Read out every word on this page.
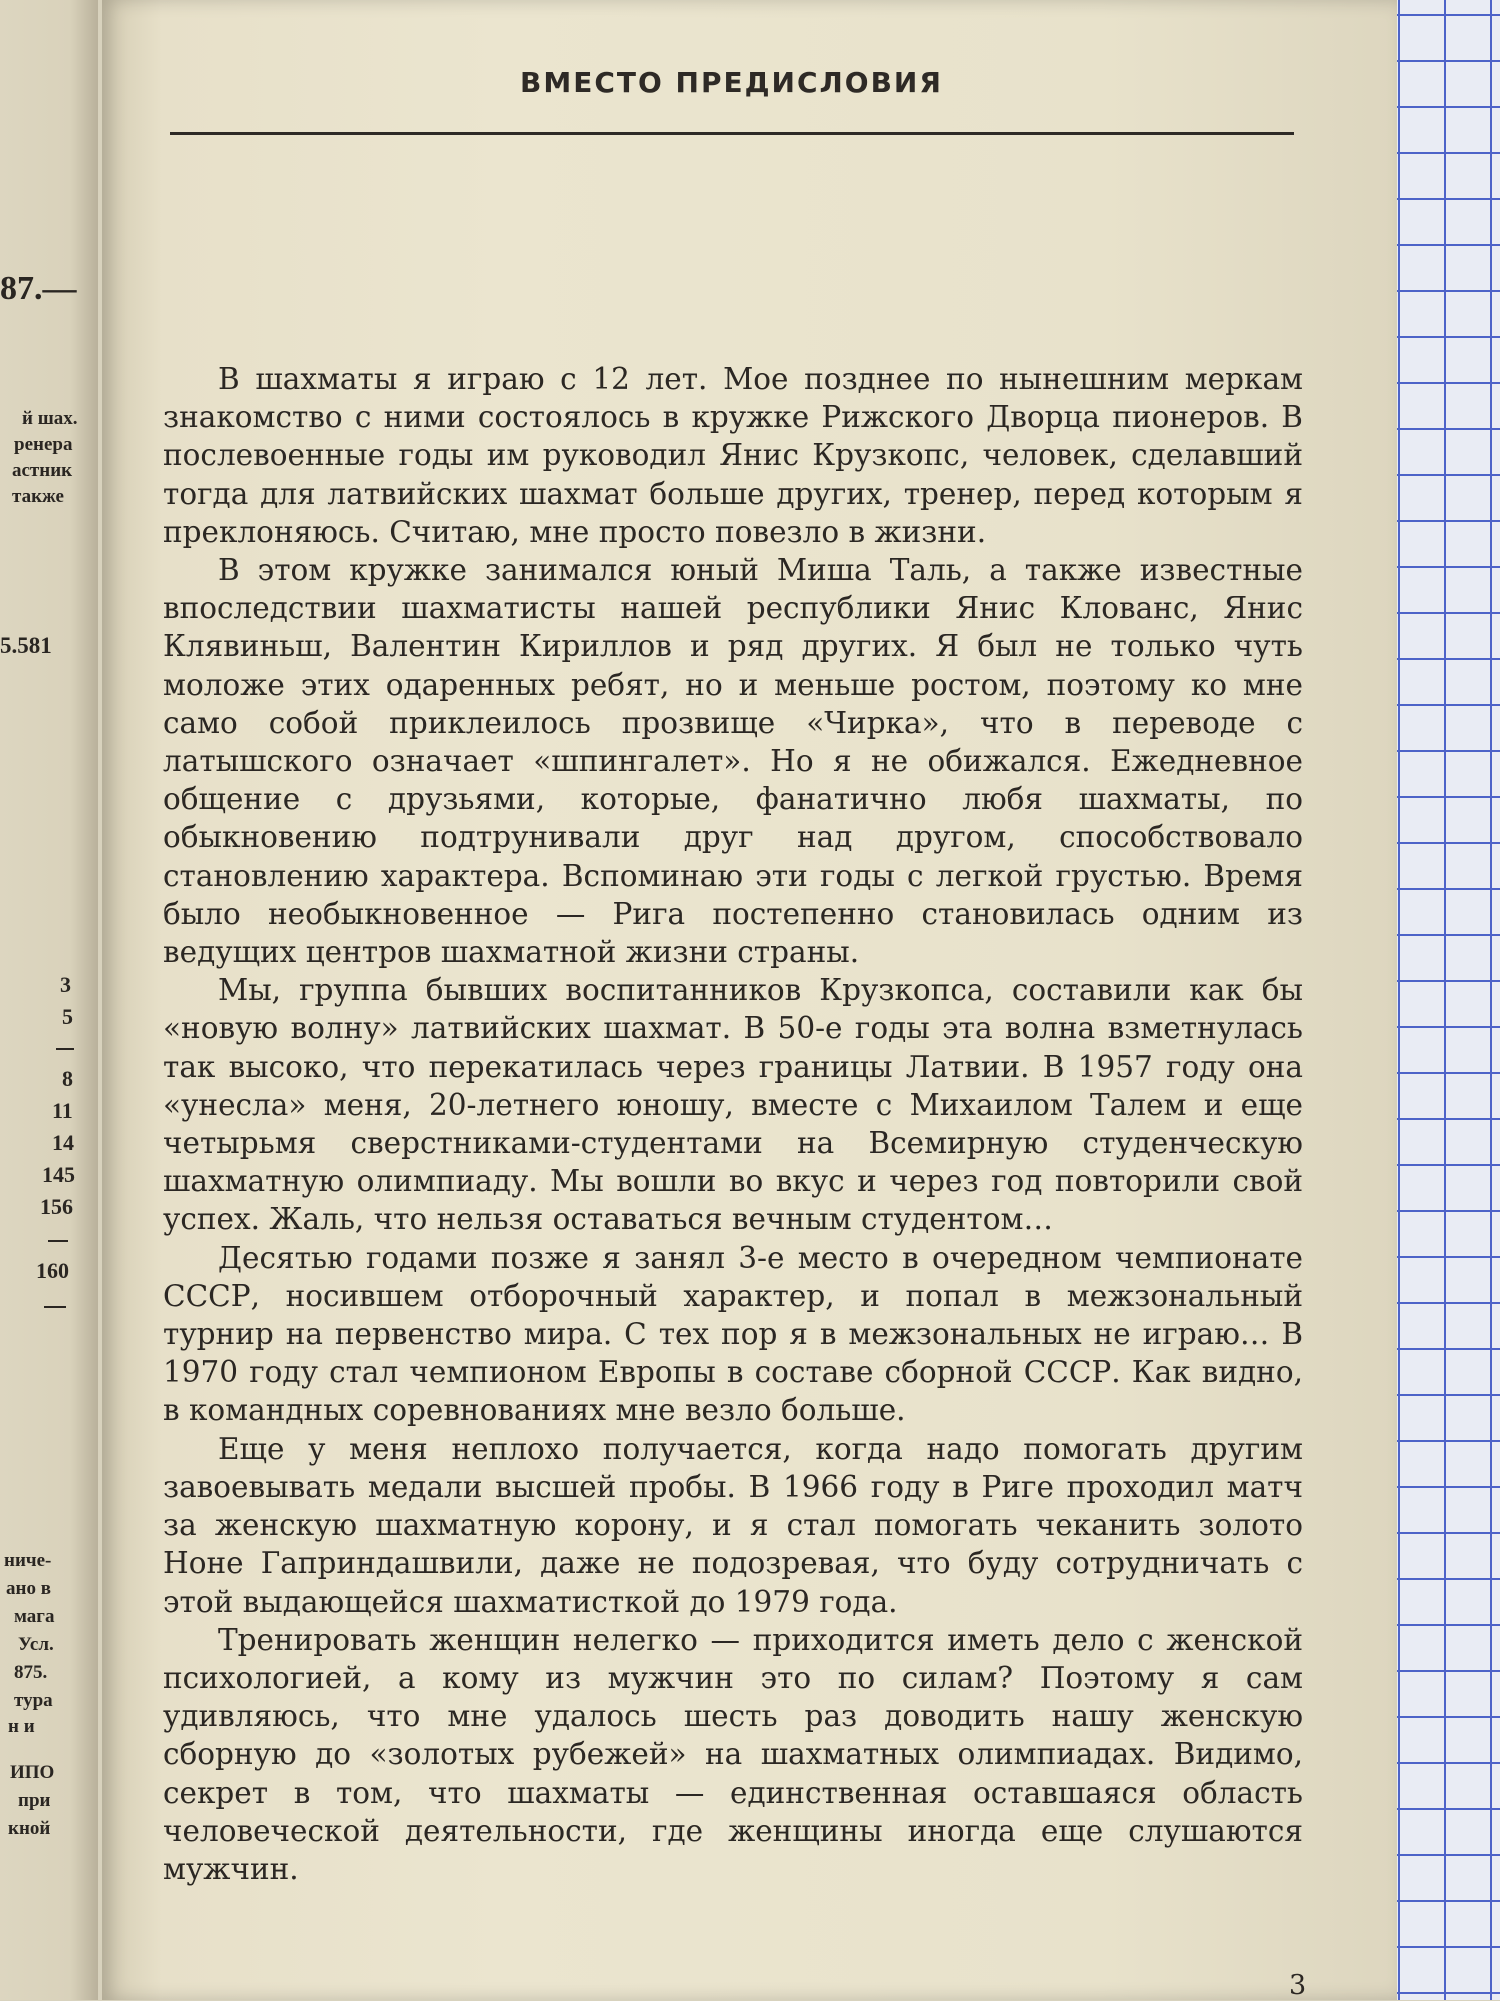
87.—
й шах.
ренера
астник
также
5.581
3
5
8
11
14
145
156
160
ниче-
ано в
мага
Усл.
875.
тура
н и
ИПО
при
кной
ВМЕСТО ПРЕДИСЛОВИЯ

В шахматы я играю с 12 лет. Мое позднее по нынешним меркам знакомство с ними состоялось в кружке Рижского Дворца пионеров. В послевоенные годы им руководил Янис Крузкопс, человек, сделавший тогда для латвийских шахмат больше других, тренер, перед которым я преклоняюсь. Считаю, мне просто повезло в жизни.

В этом кружке занимался юный Миша Таль, а также известные впоследствии шахматисты нашей республики Янис Клованс, Янис Клявиньш, Валентин Кириллов и ряд других. Я был не только чуть моложе этих одаренных ребят, но и меньше ростом, поэтому ко мне само собой приклеилось прозвище «Чирка», что в переводе с латышского означает «шпингалет». Но я не обижался. Ежедневное общение с друзьями, которые, фанатично любя шахматы, по обыкновению подтрунивали друг над другом, способствовало становлению характера. Вспоминаю эти годы с легкой грустью. Время было необыкновенное — Рига постепенно становилась одним из ведущих центров шахматной жизни страны.

Мы, группа бывших воспитанников Крузкопса, составили как бы «новую волну» латвийских шахмат. В 50-е годы эта волна взметнулась так высоко, что перекатилась через границы Латвии. В 1957 году она «унесла» меня, 20-летнего юношу, вместе с Михаилом Талем и еще четырьмя сверстниками-студентами на Всемирную студенческую шахматную олимпиаду. Мы вошли во вкус и через год повторили свой успех. Жаль, что нельзя оставаться вечным студентом…

Десятью годами позже я занял 3-е место в очередном чемпионате СССР, носившем отборочный характер, и попал в межзональный турнир на первенство мира. С тех пор я в межзональных не играю… В 1970 году стал чемпионом Европы в составе сборной СССР. Как видно, в командных соревнованиях мне везло больше.

Еще у меня неплохо получается, когда надо помогать другим завоевывать медали высшей пробы. В 1966 году в Риге проходил матч за женскую шахматную корону, и я стал помогать чеканить золото Ноне Гаприндашвили, даже не подозревая, что буду сотрудничать с этой выдающейся шахматисткой до 1979 года.

Тренировать женщин нелегко — приходится иметь дело с женской психологией, а кому из мужчин это по силам? Поэтому я сам удивляюсь, что мне удалось шесть раз доводить нашу женскую сборную до «золотых рубежей» на шахматных олимпиадах. Видимо, секрет в том, что шахматы — единственная оставшаяся область человеческой деятельности, где женщины иногда еще слушаются мужчин.

3
